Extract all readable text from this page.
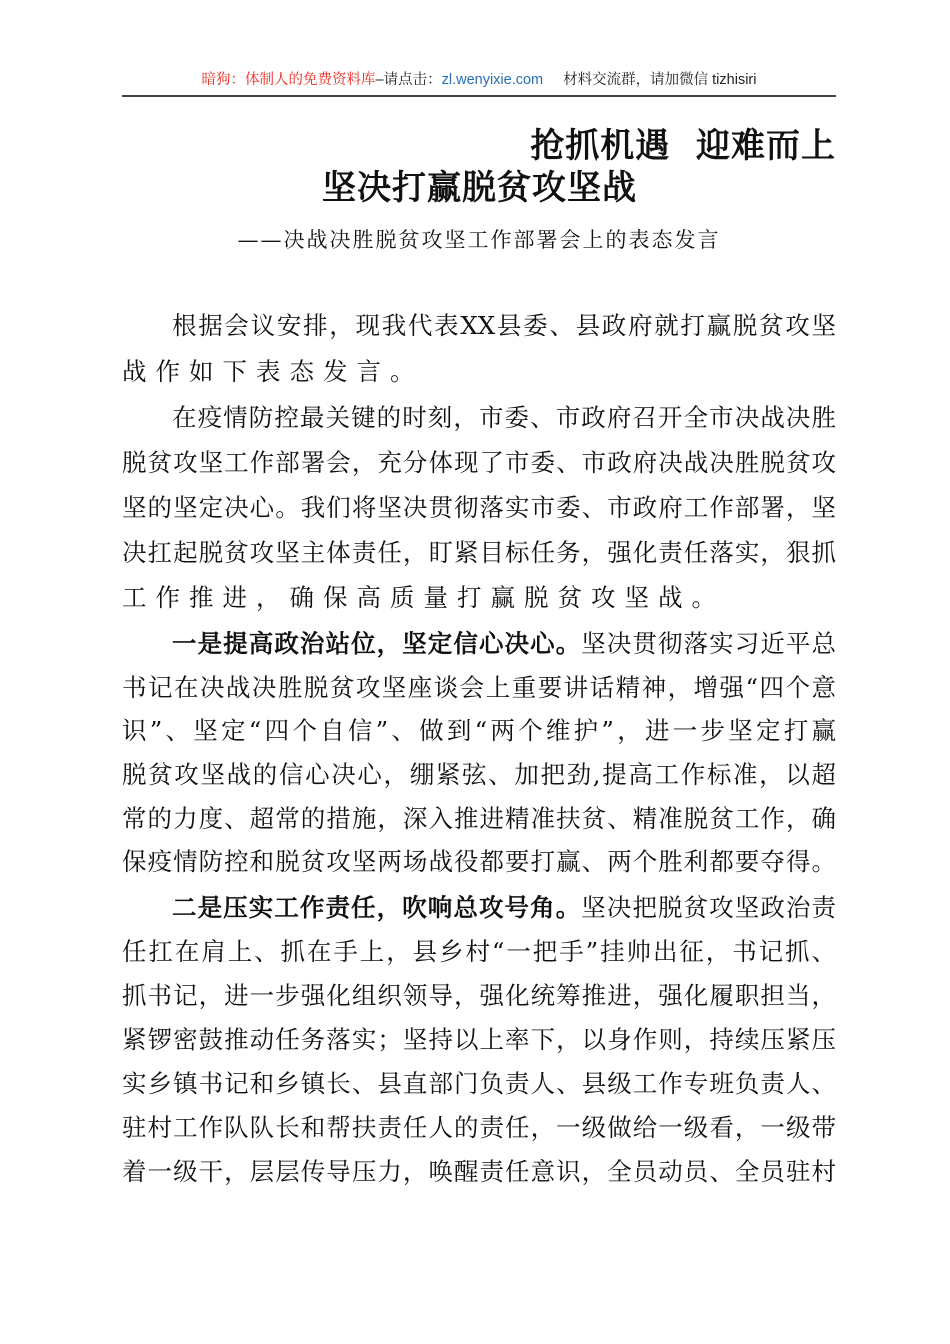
暗狗：体制人的免费资料库–请点击：zl.wenyixie.com 材料交流群，请加微信 tizhisiri
抢抓机遇  迎难而上
坚决打赢脱贫攻坚战
——决战决胜脱贫攻坚工作部署会上的表态发言
根据会议安排，现我代表XX县委、县政府就打赢脱贫攻坚
战作如下表态发言。
在疫情防控最关键的时刻，市委、市政府召开全市决战决胜
脱贫攻坚工作部署会，充分体现了市委、市政府决战决胜脱贫攻
坚的坚定决心。我们将坚决贯彻落实市委、市政府工作部署，坚
决扛起脱贫攻坚主体责任，盯紧目标任务，强化责任落实，狠抓
工作推进，确保高质量打赢脱贫攻坚战。
一是提高政治站位，坚定信心决心。坚决贯彻落实习近平总
书记在决战决胜脱贫攻坚座谈会上重要讲话精神，增强“四个意
识”、坚定“四个自信”、做到“两个维护”，进一步坚定打赢
脱贫攻坚战的信心决心，绷紧弦、加把劲,提高工作标准，以超
常的力度、超常的措施，深入推进精准扶贫、精准脱贫工作，确
保疫情防控和脱贫攻坚两场战役都要打赢、两个胜利都要夺得。
二是压实工作责任，吹响总攻号角。坚决把脱贫攻坚政治责
任扛在肩上、抓在手上，县乡村“一把手”挂帅出征，书记抓、
抓书记，进一步强化组织领导，强化统筹推进，强化履职担当，
紧锣密鼓推动任务落实；坚持以上率下，以身作则，持续压紧压
实乡镇书记和乡镇长、县直部门负责人、县级工作专班负责人、
驻村工作队队长和帮扶责任人的责任，一级做给一级看，一级带
着一级干，层层传导压力，唤醒责任意识，全员动员、全员驻村
